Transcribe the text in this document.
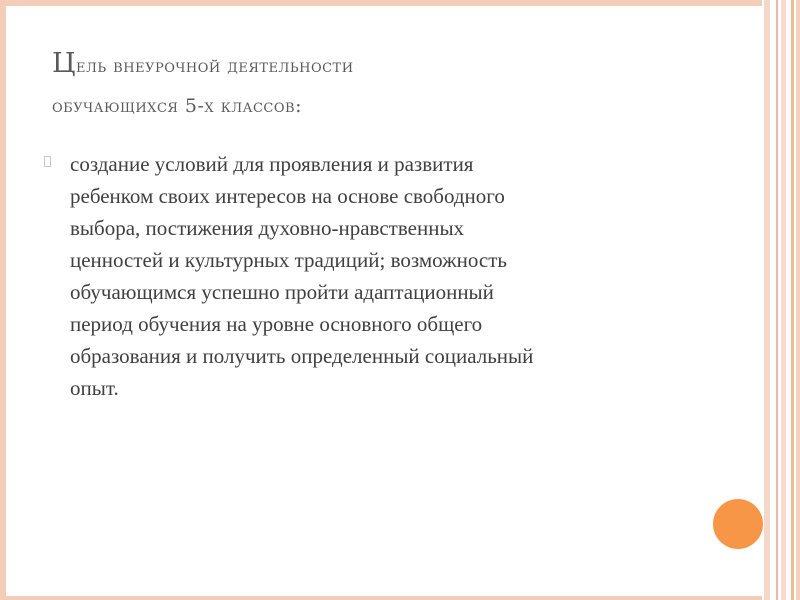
Цель внеурочной деятельности
обучающихся 5-х классов:
создание условий для проявления и развития
ребенком своих интересов на основе свободного
выбора, постижения духовно-нравственных
ценностей и культурных традиций; возможность
обучающимся успешно пройти адаптационный
период обучения на уровне основного общего
образования и получить определенный социальный
опыт.
